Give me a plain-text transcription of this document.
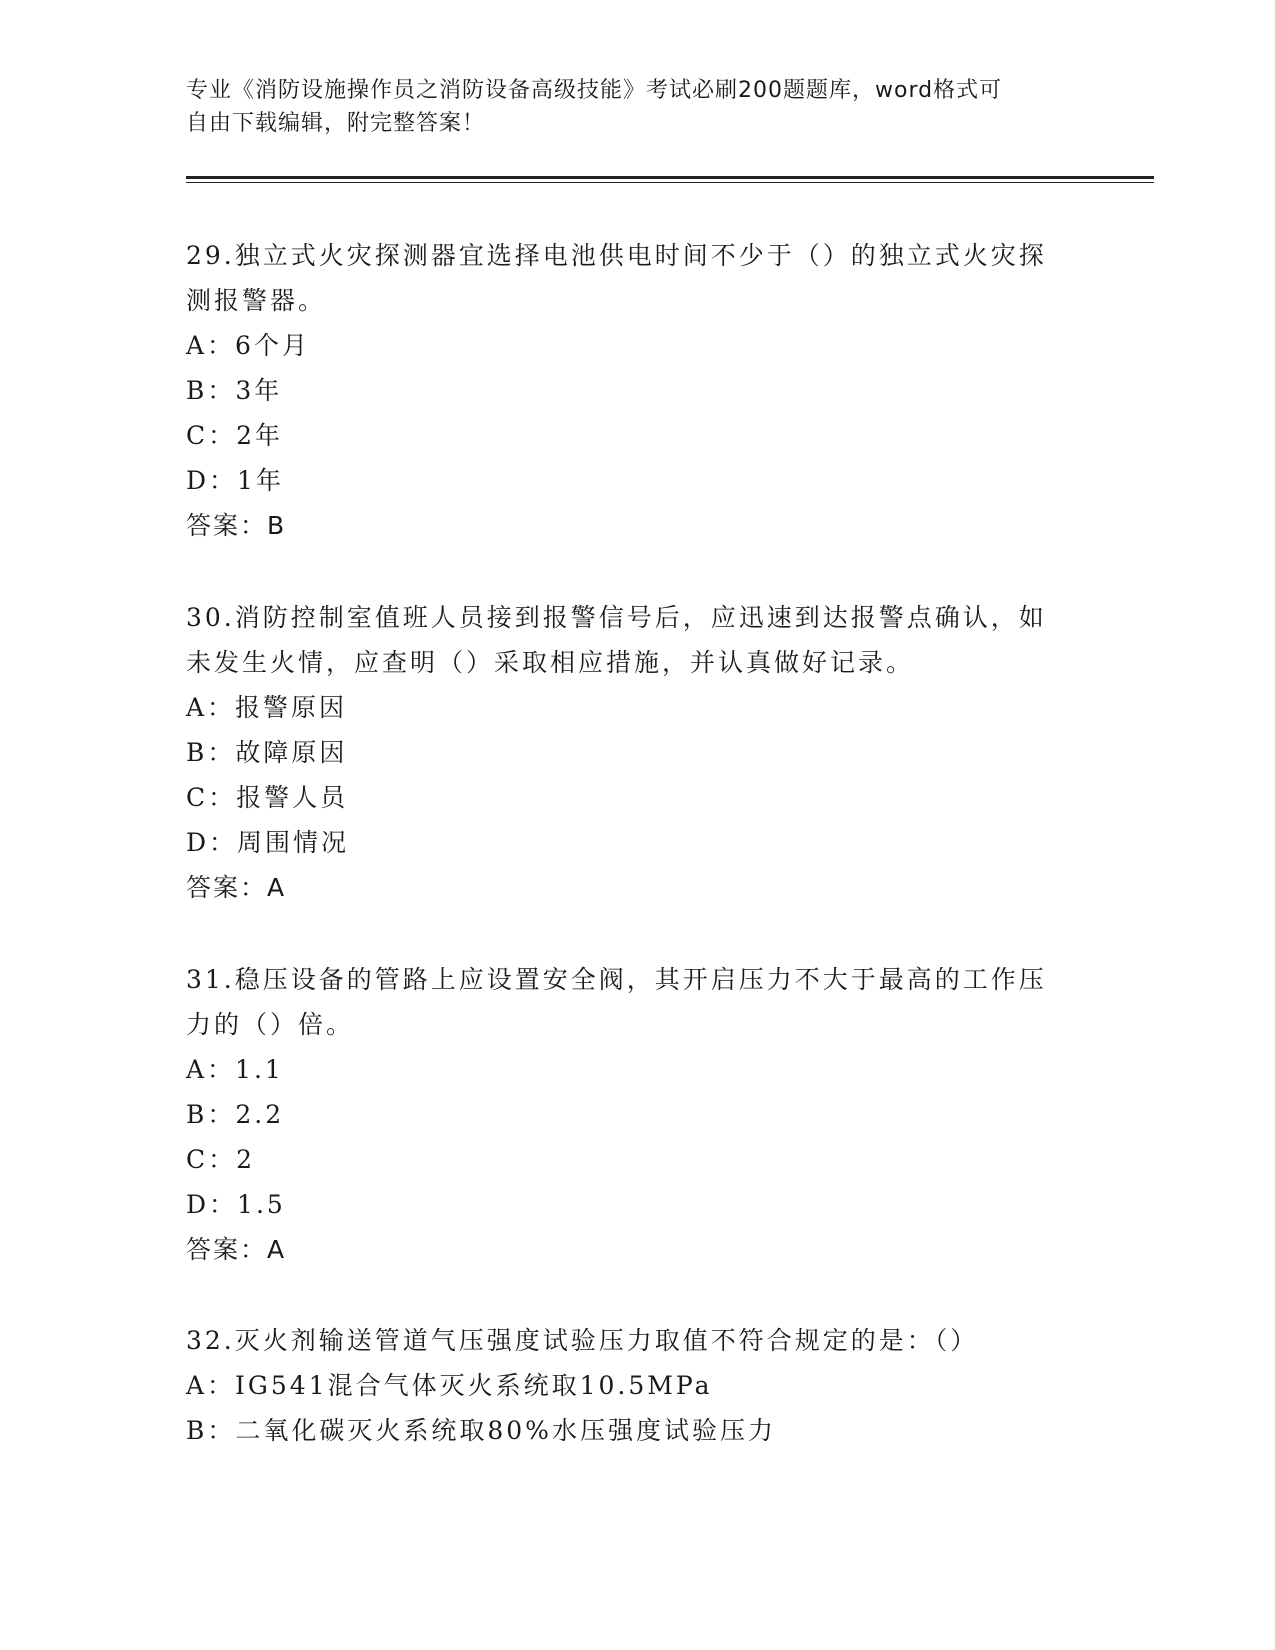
专业《消防设施操作员之消防设备高级技能》考试必刷200题题库，word格式可
自由下载编辑，附完整答案！

29.独立式火灾探测器宜选择电池供电时间不少于（）的独立式火灾探

测报警器。

A：6个月

B：3年

C：2年

D：1年

答案：B

30.消防控制室值班人员接到报警信号后，应迅速到达报警点确认，如

未发生火情，应查明（）采取相应措施，并认真做好记录。

A：报警原因

B：故障原因

C：报警人员

D：周围情况

答案：A

31.稳压设备的管路上应设置安全阀，其开启压力不大于最高的工作压

力的（）倍。

A：1.1

B：2.2

C：2

D：1.5

答案：A

32.灭火剂输送管道气压强度试验压力取值不符合规定的是：（）

A：IG541混合气体灭火系统取10.5MPa

B：二氧化碳灭火系统取80%水压强度试验压力
